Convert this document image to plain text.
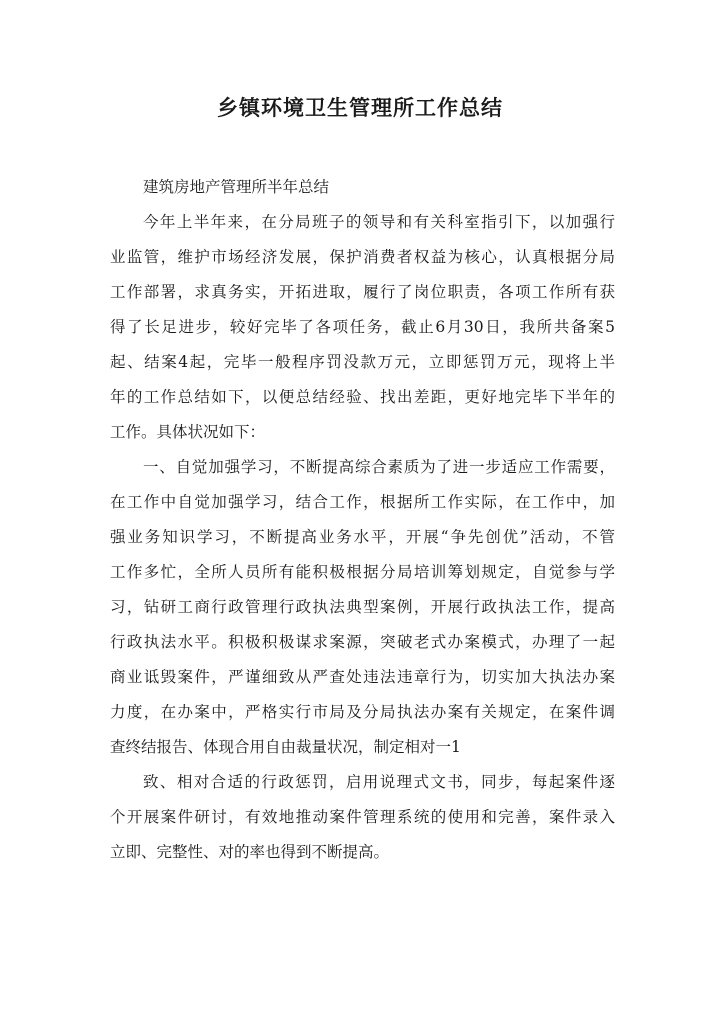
乡镇环境卫生管理所工作总结
建筑房地产管理所半年总结
今年上半年来，在分局班子的领导和有关科室指引下，以加强行
业监管，维护市场经济发展，保护消费者权益为核心，认真根据分局
工作部署，求真务实，开拓进取，履行了岗位职责，各项工作所有获
得了长足进步，较好完毕了各项任务，截止6月30日，我所共备案5
起、结案4起，完毕一般程序罚没款万元，立即惩罚万元，现将上半
年的工作总结如下，以便总结经验、找出差距，更好地完毕下半年的
工作。具体状况如下：
一、自觉加强学习，不断提高综合素质为了进一步适应工作需要，
在工作中自觉加强学习，结合工作，根据所工作实际，在工作中，加
强业务知识学习，不断提高业务水平，开展“争先创优”活动，不管
工作多忙，全所人员所有能积极根据分局培训筹划规定，自觉参与学
习，钻研工商行政管理行政执法典型案例，开展行政执法工作，提高
行政执法水平。积极积极谋求案源，突破老式办案模式，办理了一起
商业诋毁案件，严谨细致从严查处违法违章行为，切实加大执法办案
力度，在办案中，严格实行市局及分局执法办案有关规定，在案件调
查终结报告、体现合用自由裁量状况，制定相对一1
致、相对合适的行政惩罚，启用说理式文书，同步，每起案件逐
个开展案件研讨，有效地推动案件管理系统的使用和完善，案件录入
立即、完整性、对的率也得到不断提高。
